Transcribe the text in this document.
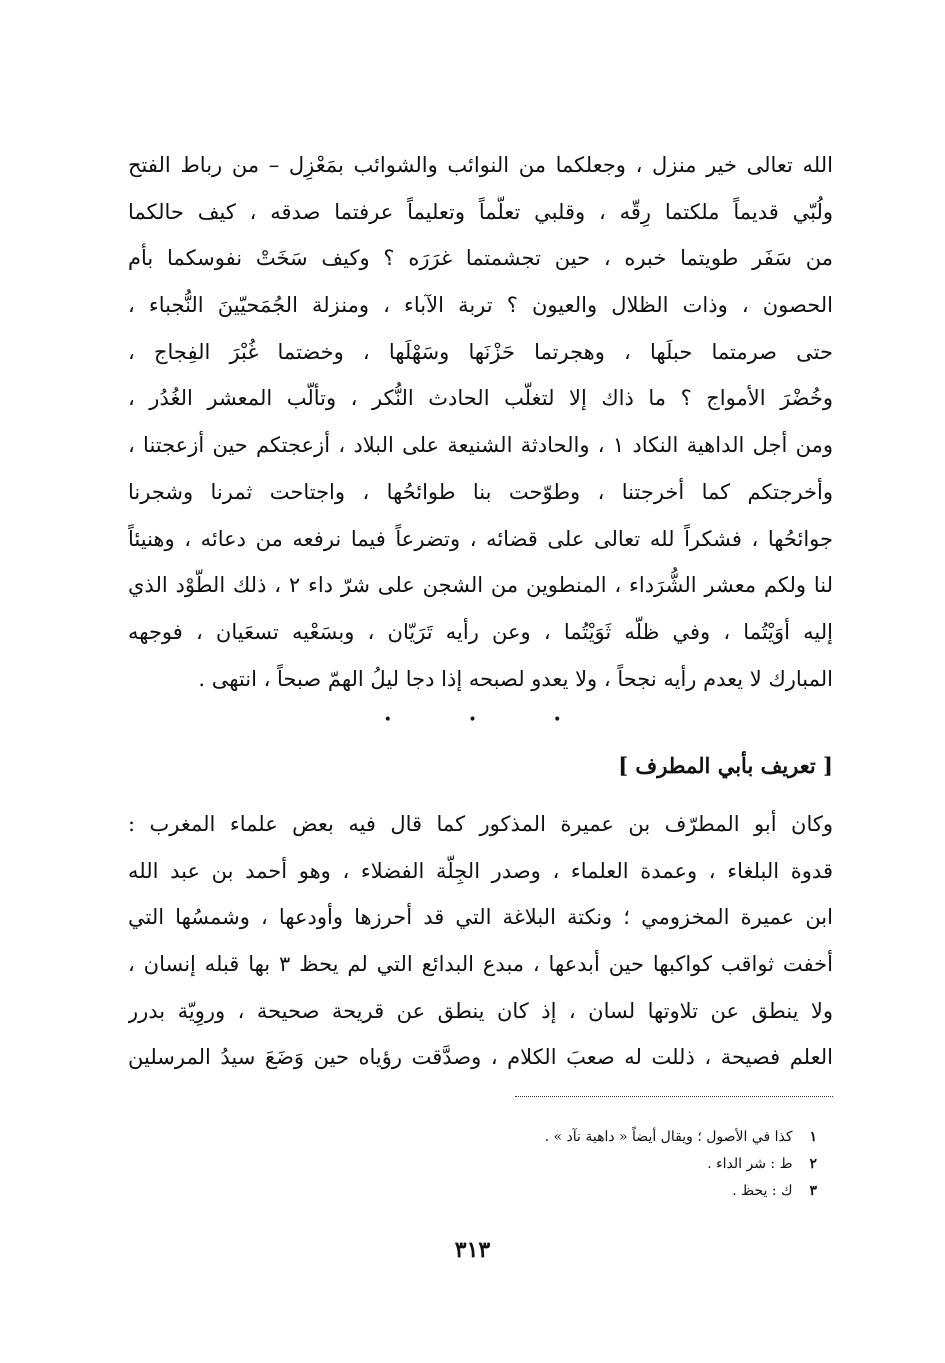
الله تعالى خير منزل ، وجعلكما من النوائب والشوائب بمَعْزِل – من رباط الفتح
ولُبّي قديماً ملكتما رِقّه ، وقلبي تعلّماً وتعليماً عرفتما صدقه ، كيف حالكما
من سَفَر طويتما خبره ، حين تجشمتما غرَرَه ؟ وكيف سَخَتْ نفوسكما بأم
الحصون ، وذات الظلال والعيون ؟ تربة الآباء ، ومنزلة الجُمَحيّينَ النُّجباء ،
حتى صرمتما حبلَها ، وهجرتما حَزْنَها وسَهْلَها ، وخضتما غُبْرَ الفِجاج ،
وخُضْرَ الأمواج ؟ ما ذاك إلا لتغلّب الحادث النُّكر ، وتألّب المعشر الغُدُر ،
ومن أجل الداهية النكاد ١ ، والحادثة الشنيعة على البلاد ، أزعجتكم حين أزعجتنا ،
وأخرجتكم كما أخرجتنا ، وطوّحت بنا طوائحُها ، واجتاحت ثمرنا وشجرنا
جوائحُها ، فشكراً لله تعالى على قضائه ، وتضرعاً فيما نرفعه من دعائه ، وهنيئاً
لنا ولكم معشر الشُّرَداء ، المنطوين من الشجن على شرّ داء ٢ ، ذلك الطّوْد الذي
إليه أوَيْتُما ، وفي ظلّه ثَوَيْتُما ، وعن رأيه تَرَيّان ، وبسَعْيه تسعَيان ، فوجهه
المبارك لا يعدم رأيه نجحاً ، ولا يعدو لصبحه إذا دجا ليلُ الهمّ صبحاً ، انتهى .
• • •
[ تعريف بأبي المطرف ]
وكان أبو المطرّف بن عميرة المذكور كما قال فيه بعض علماء المغرب :
قدوة البلغاء ، وعمدة العلماء ، وصدر الجِلّة الفضلاء ، وهو أحمد بن عبد الله
ابن عميرة المخزومي ؛ ونكتة البلاغة التي قد أحرزها وأودعها ، وشمسُها التي
أخفت ثواقب كواكبها حين أبدعها ، مبدع البدائع التي لم يحظ ٣ بها قبله إنسان ،
ولا ينطق عن تلاوتها لسان ، إذ كان ينطق عن قريحة صحيحة ، وروِيّة بدرر
العلم فصيحة ، ذللت له صعبَ الكلام ، وصدَّقت رؤياه حين وَضَعَ سيدُ المرسلين
١ كذا في الأصول ؛ ويقال أيضاً « داهية نآد » .
٢ ط : شر الداء .
٣ ك : يحظ .
٣١٣
